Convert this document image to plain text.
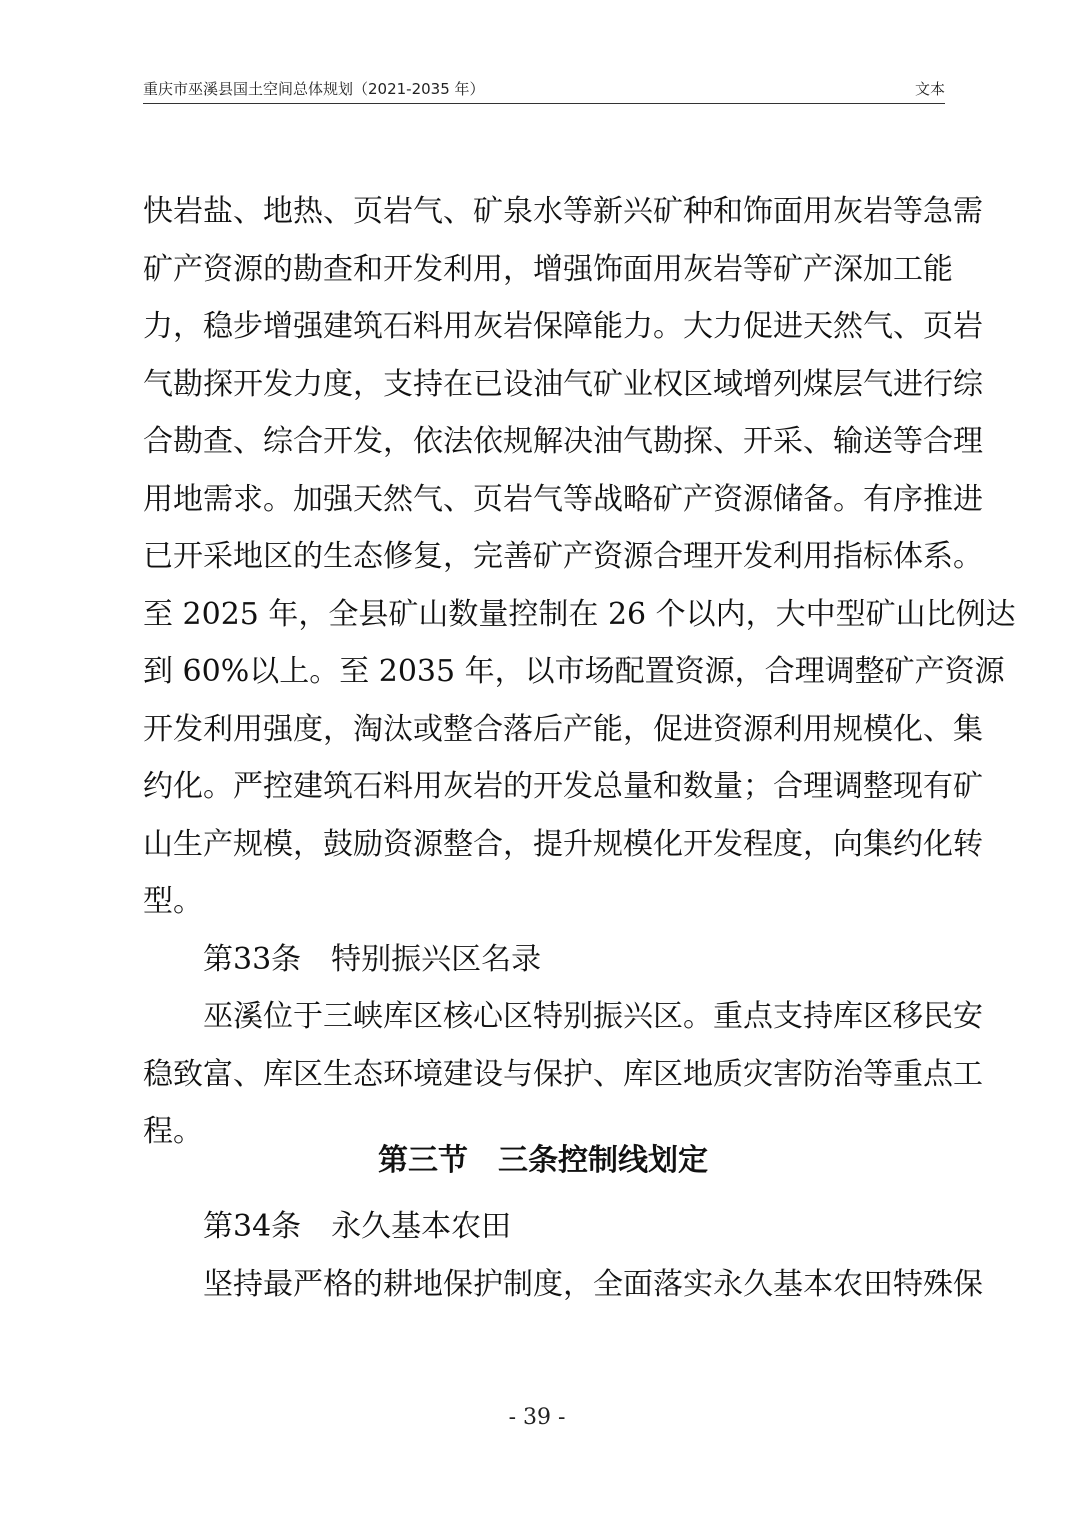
重庆市巫溪县国土空间总体规划（2021-2035 年）	文本
快岩盐、地热、页岩气、矿泉水等新兴矿种和饰面用灰岩等急需
矿产资源的勘查和开发利用，增强饰面用灰岩等矿产深加工能
力，稳步增强建筑石料用灰岩保障能力。大力促进天然气、页岩
气勘探开发力度，支持在已设油气矿业权区域增列煤层气进行综
合勘查、综合开发，依法依规解决油气勘探、开采、输送等合理
用地需求。加强天然气、页岩气等战略矿产资源储备。有序推进
已开采地区的生态修复，完善矿产资源合理开发利用指标体系。
至 2025 年，全县矿山数量控制在 26 个以内，大中型矿山比例达
到 60%以上。至 2035 年，以市场配置资源，合理调整矿产资源
开发利用强度，淘汰或整合落后产能，促进资源利用规模化、集
约化。严控建筑石料用灰岩的开发总量和数量；合理调整现有矿
山生产规模，鼓励资源整合，提升规模化开发程度，向集约化转
型。
第33条　特别振兴区名录
巫溪位于三峡库区核心区特别振兴区。重点支持库区移民安
稳致富、库区生态环境建设与保护、库区地质灾害防治等重点工
程。
第三节　三条控制线划定
第34条　永久基本农田
坚持最严格的耕地保护制度，全面落实永久基本农田特殊保
- 39 -
